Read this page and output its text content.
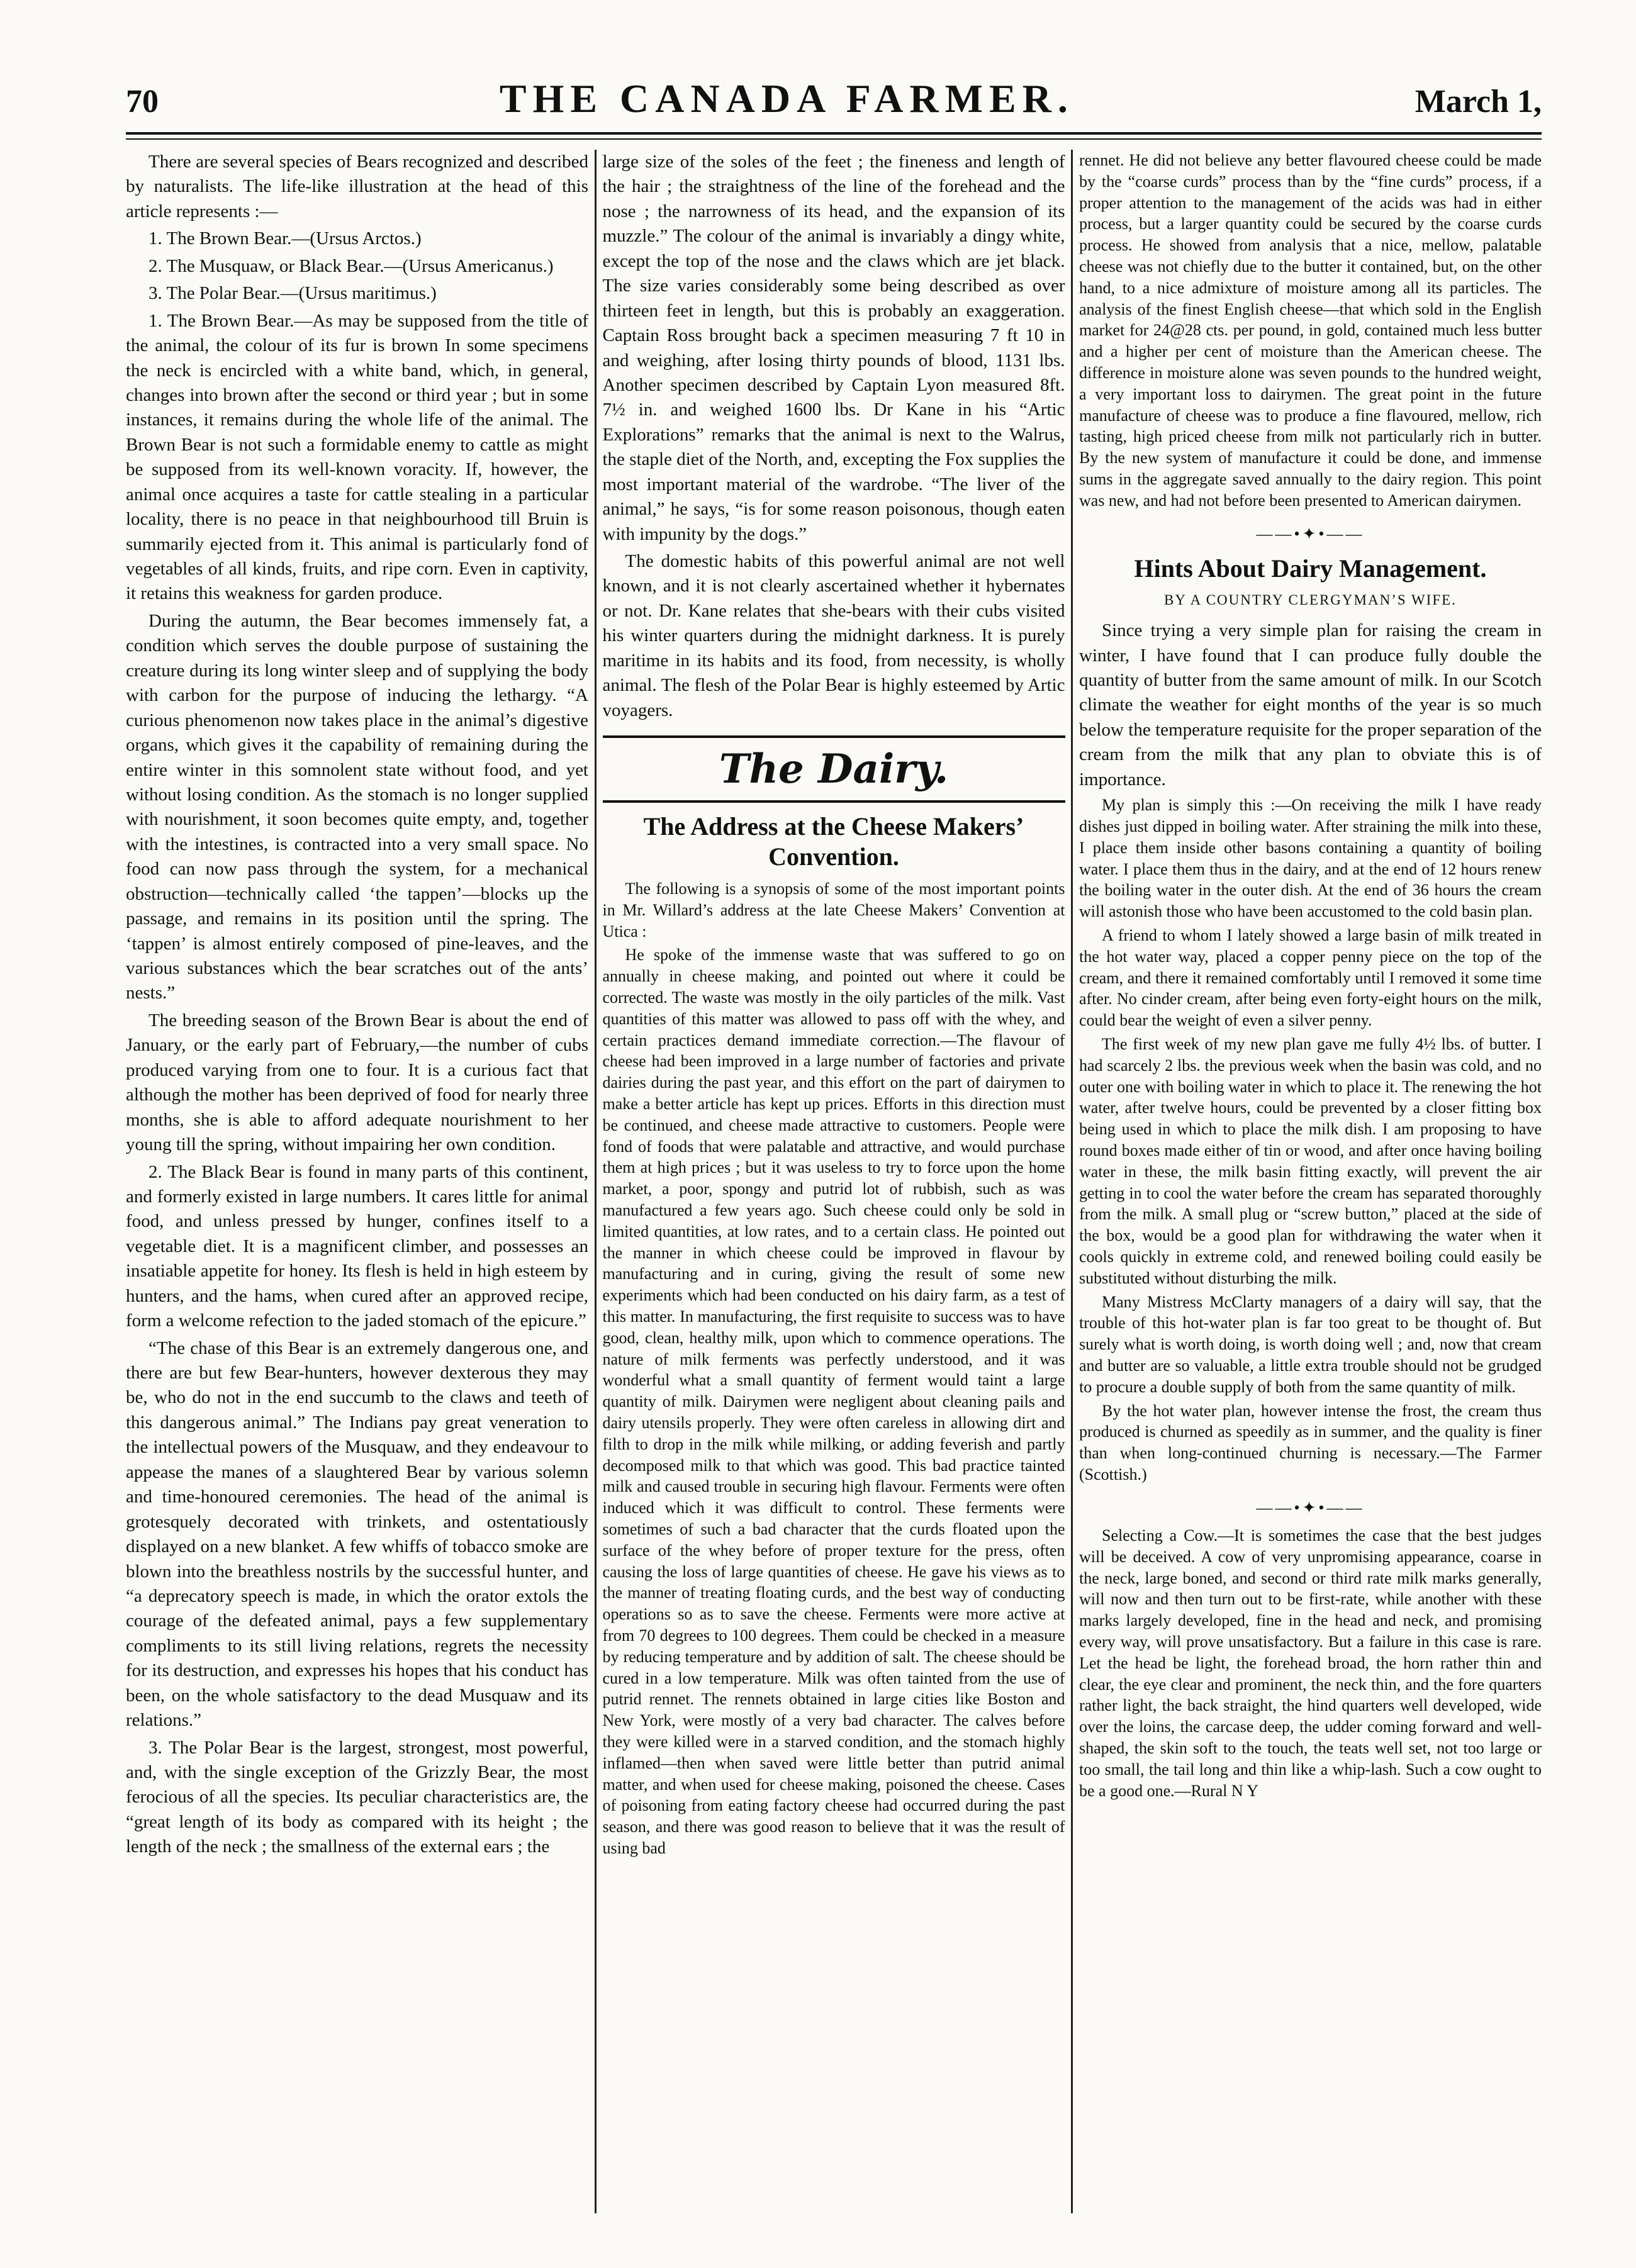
70	THE CANADA FARMER.	March 1,

There are several species of Bears recognized and described by naturalists. The life-like illustration at the head of this article represents :—

1. The Brown Bear.—(Ursus Arctos.)

2. The Musquaw, or Black Bear.—(Ursus Americanus.)

3. The Polar Bear.—(Ursus maritimus.)

1. The Brown Bear.—As may be supposed from the title of the animal, the colour of its fur is brown In some specimens the neck is encircled with a white band, which, in general, changes into brown after the second or third year ; but in some instances, it remains during the whole life of the animal. The Brown Bear is not such a formidable enemy to cattle as might be supposed from its well-known voracity. If, however, the animal once acquires a taste for cattle stealing in a particular locality, there is no peace in that neighbourhood till Bruin is summarily ejected from it. This animal is particularly fond of vegetables of all kinds, fruits, and ripe corn. Even in captivity, it retains this weakness for garden produce.

During the autumn, the Bear becomes immensely fat, a condition which serves the double purpose of sustaining the creature during its long winter sleep and of supplying the body with carbon for the purpose of inducing the lethargy. “A curious phenomenon now takes place in the animal’s digestive organs, which gives it the capability of remaining during the entire winter in this somnolent state without food, and yet without losing condition. As the stomach is no longer supplied with nourishment, it soon becomes quite empty, and, together with the intestines, is contracted into a very small space. No food can now pass through the system, for a mechanical obstruction—technically called ‘the tappen’—blocks up the passage, and remains in its position until the spring. The ‘tappen’ is almost entirely composed of pine-leaves, and the various substances which the bear scratches out of the ants’ nests.”

The breeding season of the Brown Bear is about the end of January, or the early part of February,—the number of cubs produced varying from one to four. It is a curious fact that although the mother has been deprived of food for nearly three months, she is able to afford adequate nourishment to her young till the spring, without impairing her own condition.

2. The Black Bear is found in many parts of this continent, and formerly existed in large numbers. It cares little for animal food, and unless pressed by hunger, confines itself to a vegetable diet. It is a magnificent climber, and possesses an insatiable appetite for honey. Its flesh is held in high esteem by hunters, and the hams, when cured after an approved recipe, form a welcome refection to the jaded stomach of the epicure.”

“The chase of this Bear is an extremely dangerous one, and there are but few Bear-hunters, however dexterous they may be, who do not in the end succumb to the claws and teeth of this dangerous animal.” The Indians pay great veneration to the intellectual powers of the Musquaw, and they endeavour to appease the manes of a slaughtered Bear by various solemn and time-honoured ceremonies. The head of the animal is grotesquely decorated with trinkets, and ostentatiously displayed on a new blanket. A few whiffs of tobacco smoke are blown into the breathless nostrils by the successful hunter, and “a deprecatory speech is made, in which the orator extols the courage of the defeated animal, pays a few supplementary compliments to its still living relations, regrets the necessity for its destruction, and expresses his hopes that his conduct has been, on the whole satisfactory to the dead Musquaw and its relations.”

3. The Polar Bear is the largest, strongest, most powerful, and, with the single exception of the Grizzly Bear, the most ferocious of all the species. Its peculiar characteristics are, the “great length of its body as compared with its height ; the length of the neck ; the smallness of the external ears ; the

large size of the soles of the feet ; the fineness and length of the hair ; the straightness of the line of the forehead and the nose ; the narrowness of its head, and the expansion of its muzzle.” The colour of the animal is invariably a dingy white, except the top of the nose and the claws which are jet black. The size varies considerably some being described as over thirteen feet in length, but this is probably an exaggeration. Captain Ross brought back a specimen measuring 7 ft 10 in and weighing, after losing thirty pounds of blood, 1131 lbs. Another specimen described by Captain Lyon measured 8ft. 7½ in. and weighed 1600 lbs. Dr Kane in his “Artic Explorations” remarks that the animal is next to the Walrus, the staple diet of the North, and, excepting the Fox supplies the most important material of the wardrobe. “The liver of the animal,” he says, “is for some reason poisonous, though eaten with impunity by the dogs.”

The domestic habits of this powerful animal are not well known, and it is not clearly ascertained whether it hybernates or not. Dr. Kane relates that she-bears with their cubs visited his winter quarters during the midnight darkness. It is purely maritime in its habits and its food, from necessity, is wholly animal. The flesh of the Polar Bear is highly esteemed by Artic voyagers.

The Dairy.
The Address at the Cheese Makers’ Convention.

The following is a synopsis of some of the most important points in Mr. Willard’s address at the late Cheese Makers’ Convention at Utica :

He spoke of the immense waste that was suffered to go on annually in cheese making, and pointed out where it could be corrected. The waste was mostly in the oily particles of the milk. Vast quantities of this matter was allowed to pass off with the whey, and certain practices demand immediate correction.—The flavour of cheese had been improved in a large number of factories and private dairies during the past year, and this effort on the part of dairymen to make a better article has kept up prices. Efforts in this direction must be continued, and cheese made attractive to customers. People were fond of foods that were palatable and attractive, and would purchase them at high prices ; but it was useless to try to force upon the home market, a poor, spongy and putrid lot of rubbish, such as was manufactured a few years ago. Such cheese could only be sold in limited quantities, at low rates, and to a certain class. He pointed out the manner in which cheese could be improved in flavour by manufacturing and in curing, giving the result of some new experiments which had been conducted on his dairy farm, as a test of this matter. In manufacturing, the first requisite to success was to have good, clean, healthy milk, upon which to commence operations. The nature of milk ferments was perfectly understood, and it was wonderful what a small quantity of ferment would taint a large quantity of milk. Dairymen were negligent about cleaning pails and dairy utensils properly. They were often careless in allowing dirt and filth to drop in the milk while milking, or adding feverish and partly decomposed milk to that which was good. This bad practice tainted milk and caused trouble in securing high flavour. Ferments were often induced which it was difficult to control. These ferments were sometimes of such a bad character that the curds floated upon the surface of the whey before of proper texture for the press, often causing the loss of large quantities of cheese. He gave his views as to the manner of treating floating curds, and the best way of conducting operations so as to save the cheese. Ferments were more active at from 70 degrees to 100 degrees. Them could be checked in a measure by reducing temperature and by addition of salt. The cheese should be cured in a low temperature. Milk was often tainted from the use of putrid rennet. The rennets obtained in large cities like Boston and New York, were mostly of a very bad character. The calves before they were killed were in a starved condition, and the stomach highly inflamed—then when saved were little better than putrid animal matter, and when used for cheese making, poisoned the cheese. Cases of poisoning from eating factory cheese had occurred during the past season, and there was good reason to believe that it was the result of using bad

rennet. He did not believe any better flavoured cheese could be made by the “coarse curds” process than by the “fine curds” process, if a proper attention to the management of the acids was had in either process, but a larger quantity could be secured by the coarse curds process. He showed from analysis that a nice, mellow, palatable cheese was not chiefly due to the butter it contained, but, on the other hand, to a nice admixture of moisture among all its particles. The analysis of the finest English cheese—that which sold in the English market for 24@28 cts. per pound, in gold, contained much less butter and a higher per cent of moisture than the American cheese. The difference in moisture alone was seven pounds to the hundred weight, a very important loss to dairymen. The great point in the future manufacture of cheese was to produce a fine flavoured, mellow, rich tasting, high priced cheese from milk not particularly rich in butter. By the new system of manufacture it could be done, and immense sums in the aggregate saved annually to the dairy region. This point was new, and had not before been presented to American dairymen.

——•✦•——
Hints About Dairy Management.
BY A COUNTRY CLERGYMAN’S WIFE.

Since trying a very simple plan for raising the cream in winter, I have found that I can produce fully double the quantity of butter from the same amount of milk. In our Scotch climate the weather for eight months of the year is so much below the temperature requisite for the proper separation of the cream from the milk that any plan to obviate this is of importance.

My plan is simply this :—On receiving the milk I have ready dishes just dipped in boiling water. After straining the milk into these, I place them inside other basons containing a quantity of boiling water. I place them thus in the dairy, and at the end of 12 hours renew the boiling water in the outer dish. At the end of 36 hours the cream will astonish those who have been accustomed to the cold basin plan.

A friend to whom I lately showed a large basin of milk treated in the hot water way, placed a copper penny piece on the top of the cream, and there it remained comfortably until I removed it some time after. No cinder cream, after being even forty-eight hours on the milk, could bear the weight of even a silver penny.

The first week of my new plan gave me fully 4½ lbs. of butter. I had scarcely 2 lbs. the previous week when the basin was cold, and no outer one with boiling water in which to place it. The renewing the hot water, after twelve hours, could be prevented by a closer fitting box being used in which to place the milk dish. I am proposing to have round boxes made either of tin or wood, and after once having boiling water in these, the milk basin fitting exactly, will prevent the air getting in to cool the water before the cream has separated thoroughly from the milk. A small plug or “screw button,” placed at the side of the box, would be a good plan for withdrawing the water when it cools quickly in extreme cold, and renewed boiling could easily be substituted without disturbing the milk.

Many Mistress McClarty managers of a dairy will say, that the trouble of this hot-water plan is far too great to be thought of. But surely what is worth doing, is worth doing well ; and, now that cream and butter are so valuable, a little extra trouble should not be grudged to procure a double supply of both from the same quantity of milk.

By the hot water plan, however intense the frost, the cream thus produced is churned as speedily as in summer, and the quality is finer than when long-continued churning is necessary.—The Farmer (Scottish.)

——•✦•——

Selecting a Cow.—It is sometimes the case that the best judges will be deceived. A cow of very unpromising appearance, coarse in the neck, large boned, and second or third rate milk marks generally, will now and then turn out to be first-rate, while another with these marks largely developed, fine in the head and neck, and promising every way, will prove unsatisfactory. But a failure in this case is rare. Let the head be light, the forehead broad, the horn rather thin and clear, the eye clear and prominent, the neck thin, and the fore quarters rather light, the back straight, the hind quarters well developed, wide over the loins, the carcase deep, the udder coming forward and well-shaped, the skin soft to the touch, the teats well set, not too large or too small, the tail long and thin like a whip-lash. Such a cow ought to be a good one.—Rural N Y
